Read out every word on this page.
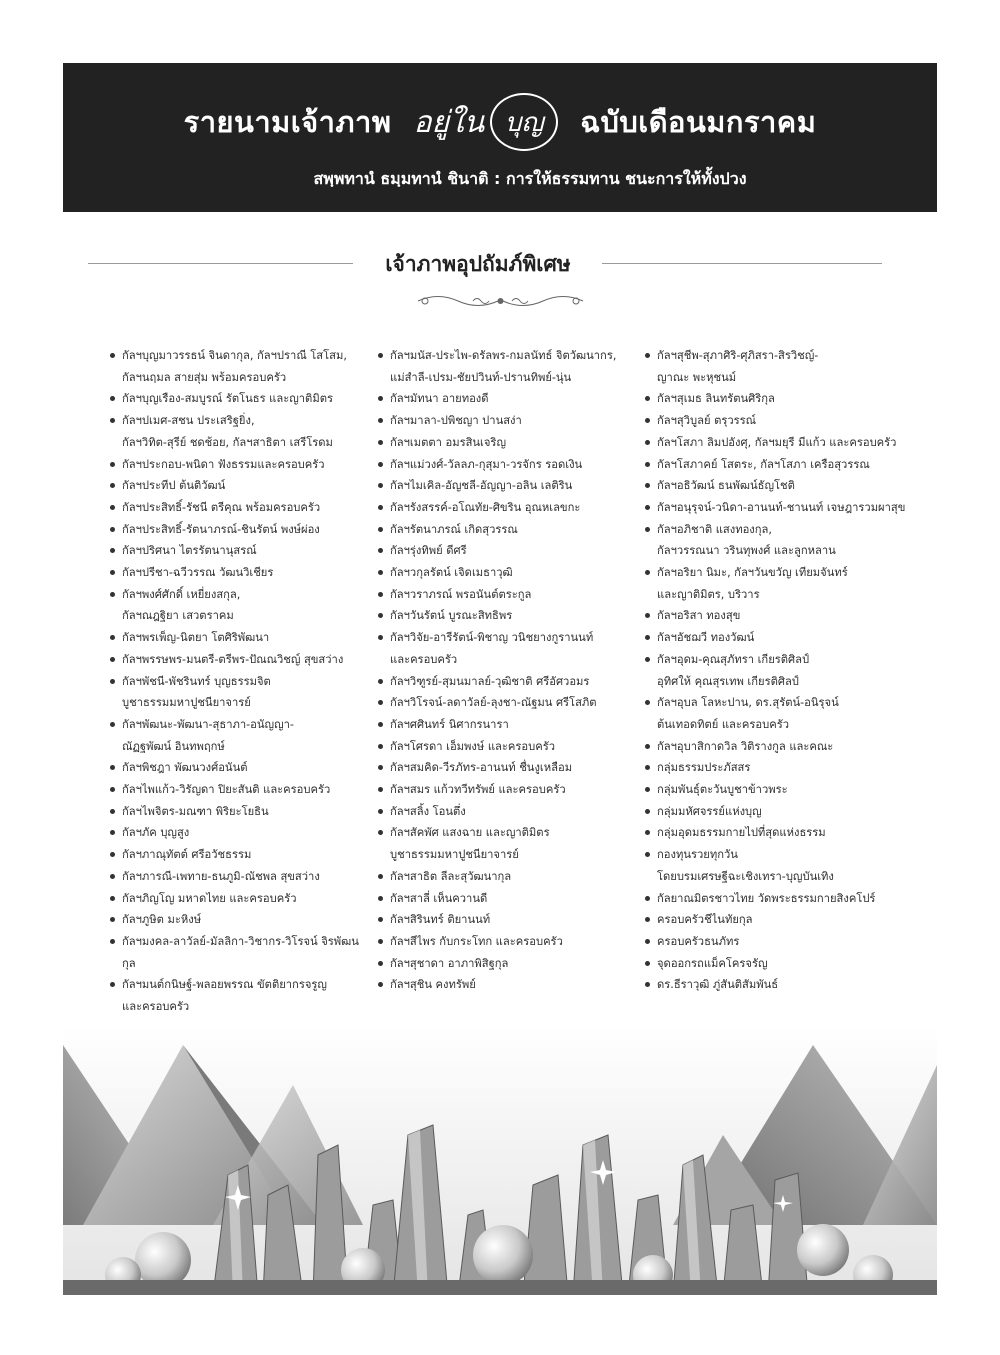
รายนามเจ้าภาพ อยู่ใน บุญ ฉบับเดือนมกราคม
สพฺพทานํ ธมฺมทานํ ชินาติ : การให้ธรรมทาน ชนะการให้ทั้งปวง
เจ้าภาพอุปถัมภ์พิเศษ
กัลฯบุญมาวรรธน์ จินดากุล, กัลฯปราณี โสโสม,
กัลฯนฤมล สายสุ่ม พร้อมครอบครัว
กัลฯบุญเรือง-สมบูรณ์ รัตโนธร และญาติมิตร
กัลฯปเมศ-สชน ประเสริฐยิ่ง,
กัลฯวิทิต-สุรีย์ ชดช้อย, กัลฯสาธิตา เสรีโรดม
กัลฯประกอบ-พนิดา ฟังธรรมและครอบครัว
กัลฯประทีป ต้นติวัฒน์
กัลฯประสิทธิ์-รัชนี ตรีคุณ พร้อมครอบครัว
กัลฯประสิทธิ์-รัตนาภรณ์-ชินรัตน์ พงษ์ผ่อง
กัลฯปริศนา ไตรรัตนานุสรณ์
กัลฯปรีชา-ฉวีวรรณ วัฒนวิเชียร
กัลฯพงศ์ศักดิ์ เหยี่ยงสกุล,
กัลฯณฎฐิยา เสวตราคม
กัลฯพรเพ็ญ-นิตยา โตศิริพัฒนา
กัลฯพรรษพร-มนตรี-ตรีพร-ปัณณวิชญ์ สุขสว่าง
กัลฯพัชนี-พัชรินทร์ บุญธรรมจิต
บูชาธรรมมหาปูชนียาจารย์
กัลฯพัฒนะ-พัฒนา-สุธาภา-อนัญญา-
ณัฏฐพัฒน์ อินทพฤกษ์
กัลฯพิชฎา พัฒนวงศ์อนันต์
กัลฯไพแก้ว-วิรัญดา ปิยะสันติ และครอบครัว
กัลฯไพจิตร-มณฑา พิริยะโยธิน
กัลฯภัค บุญสูง
กัลฯภาณุทัตต์ ศรีอวัชธรรม
กัลฯภารณี-เพทาย-ธนภูมิ-ณัชพล สุขสว่าง
กัลฯภิญโญ มหาดไทย และครอบครัว
กัลฯภูษิต มะหิงษ์
กัลฯมงคล-ลาวัลย์-มัลลิกา-วิชากร-วิโรจน์ จิรพัฒนกุล
กัลฯมนต์กนิษฐ์-พลอยพรรณ ขัตติยากรจรูญ
และครอบครัว
กัลฯมนัส-ประไพ-ดรัลพร-กมลนัทธ์ จิตวัฒนากร,
แม่สำลี-เปรม-ชัยปวินท์-ปรานทิพย์-นุ่น
กัลฯมัทนา อายทองดี
กัลฯมาลา-ปพิชญา ปานสง่า
กัลฯเมตตา อมรสินเจริญ
กัลฯแม่วงศ์-วัลลภ-กุสุมา-วรจักร รอดเงิน
กัลฯไมเคิล-อัญชลี-อัญญา-อลิน เลติริน
กัลฯรังสรรค์-อโณทัย-ศิขริน อุณหเลขกะ
กัลฯรัตนาภรณ์ เกิดสุวรรณ
กัลฯรุ่งทิพย์ ดีศรี
กัลฯวกุลรัตน์ เจิดเมธาวุฒิ
กัลฯวราภรณ์ พรอนันต์ตระกูล
กัลฯวันรัตน์ บูรณะสิทธิพร
กัลฯวิจัย-อารีรัตน์-พิชาญ วนิชยางกูรานนท์
และครอบครัว
กัลฯวิฑูรย์-สุมนมาลย์-วุฒิชาติ ศรีอัศวอมร
กัลฯวิโรจน์-ลดาวัลย์-ลุงชา-ณัฐมน ศรีโสภิต
กัลฯศศินทร์ นิศากรนารา
กัลฯโศรดา เอ็มพงษ์ และครอบครัว
กัลฯสมคิด-วีรภัทร-อานนท์ ชื่นงูเหลือม
กัลฯสมร แก้วทวีทรัพย์ และครอบครัว
กัลฯสลิ้ง โอนตึ่ง
กัลฯสัคพัศ แสงฉาย และญาติมิตร
บูชาธรรมมหาปูชนียาจารย์
กัลฯสาธิต ลีละสุวัฒนากุล
กัลฯสาลี่ เห็นควานดี
กัลฯสิรินทร์ ติยานนท์
กัลฯสีไพร กับกระโทก และครอบครัว
กัลฯสุชาดา อาภาพิสิฐกุล
กัลฯสุชิน คงทรัพย์
กัลฯสุชีพ-สุภาศิริ-ศุภิสรา-สิรวิชญ์-
ญาณะ พะหุชนม์
กัลฯสุเมธ ลินทรัตนศิริกุล
กัลฯสุวิบูลย์ ตรุวรรณ์
กัลฯโสภา ลิมปอังศุ, กัลฯมยุรี มีแก้ว และครอบครัว
กัลฯโสภาคย์ โสตระ, กัลฯโสภา เครือสุวรรณ
กัลฯอธิวัฒน์ ธนพัฒน์ธัญโชติ
กัลฯอนุรุจน์-วนิดา-อานนท์-ชานนท์ เจษฎารวมผาสุข
กัลฯอภิชาติ แสงทองกุล,
กัลฯวรรณนา วรินทุพงศ์ และลูกหลาน
กัลฯอริยา นิมะ, กัลฯวันขวัญ เทียมจันทร์
และญาติมิตร, บริวาร
กัลฯอริสา ทองสุข
กัลฯอัชฌวี ทองวัฒน์
กัลฯอุดม-คุณสุภัทรา เกียรติศิลป์
อุทิศให้ คุณสุรเทพ เกียรติศิลป์
กัลฯอุบล โลหะปาน, ดร.สุรัตน์-อนิรุจน์
ต้นเทอดทิตย์ และครอบครัว
กัลฯอุบาสิกาดวิล วิติรางกูล และคณะ
กลุ่มธรรมประภัสสร
กลุ่มพันธุ์ตะวันบูชาข้าวพระ
กลุ่มมหัศจรรย์แห่งบุญ
กลุ่มอุดมธรรมกายไปที่สุดแห่งธรรม
กองทุนรวยทุกวัน
โดยบรมเศรษฐีฉะเชิงเทรา-บุญบันเทิง
กัลยาณมิตรชาวไทย วัดพระธรรมกายสิงคโปร์
ครอบครัวชีไนทัยกุล
ครอบครัวธนภัทร
จุดออกรถแม็คโครจรัญ
ดร.ธีราวุฒิ ภู่สันติสัมพันธ์
